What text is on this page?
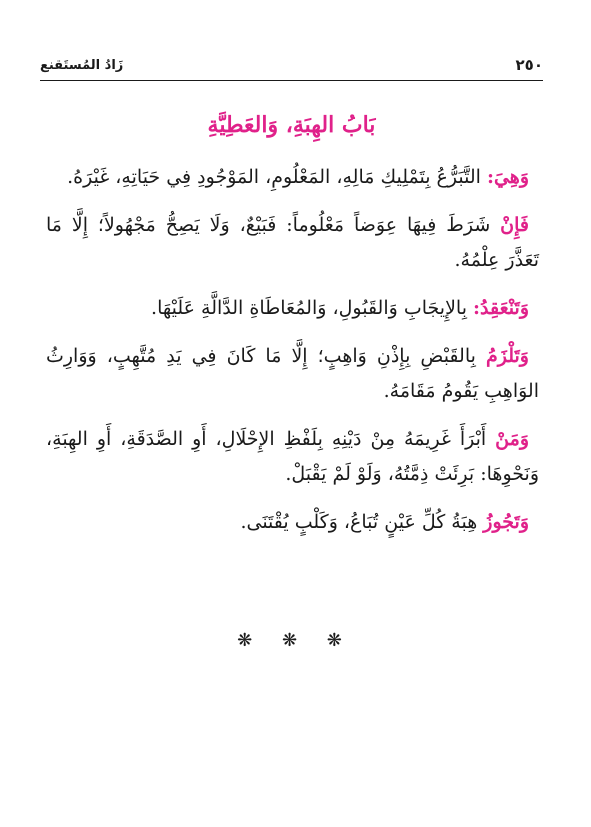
زَادُ المُستَقنع	٢٥٠
بَابُ الهِبَةِ، وَالعَطِيَّةِ

وَهِيَ: التَّبَرُّعُ بِتَمْلِيكِ مَالِهِ، المَعْلُومِ، المَوْجُودِ فِي حَيَاتِهِ، غَيْرَهُ.

فَإِنْ شَرَطَ فِيهَا عِوَضاً مَعْلُوماً: فَبَيْعٌ، وَلَا يَصِحُّ مَجْهُولاً؛ إِلَّا مَا تَعَذَّرَ عِلْمُهُ.

وَتَنْعَقِدُ: بِالإِيجَابِ وَالقَبُولِ، وَالمُعَاطَاةِ الدَّالَّةِ عَلَيْهَا.

وَتَلْزَمُ بِالقَبْضِ بِإِذْنِ وَاهِبٍ؛ إِلَّا مَا كَانَ فِي يَدِ مُتَّهِبٍ، وَوَارِثُ الوَاهِبِ يَقُومُ مَقَامَهُ.

وَمَنْ أَبْرَأَ غَرِيمَهُ مِنْ دَيْنِهِ بِلَفْظِ الإِحْلَالِ، أَوِ الصَّدَقَةِ، أَوِ الهِبَةِ، وَنَحْوِهَا: بَرِئَتْ ذِمَّتُهُ، وَلَوْ لَمْ يَقْبَلْ.

وَتَجُوزُ هِبَةُ كُلِّ عَيْنٍ تُبَاعُ، وَكَلْبٍ يُقْتَنَى.

❋ ❋ ❋
